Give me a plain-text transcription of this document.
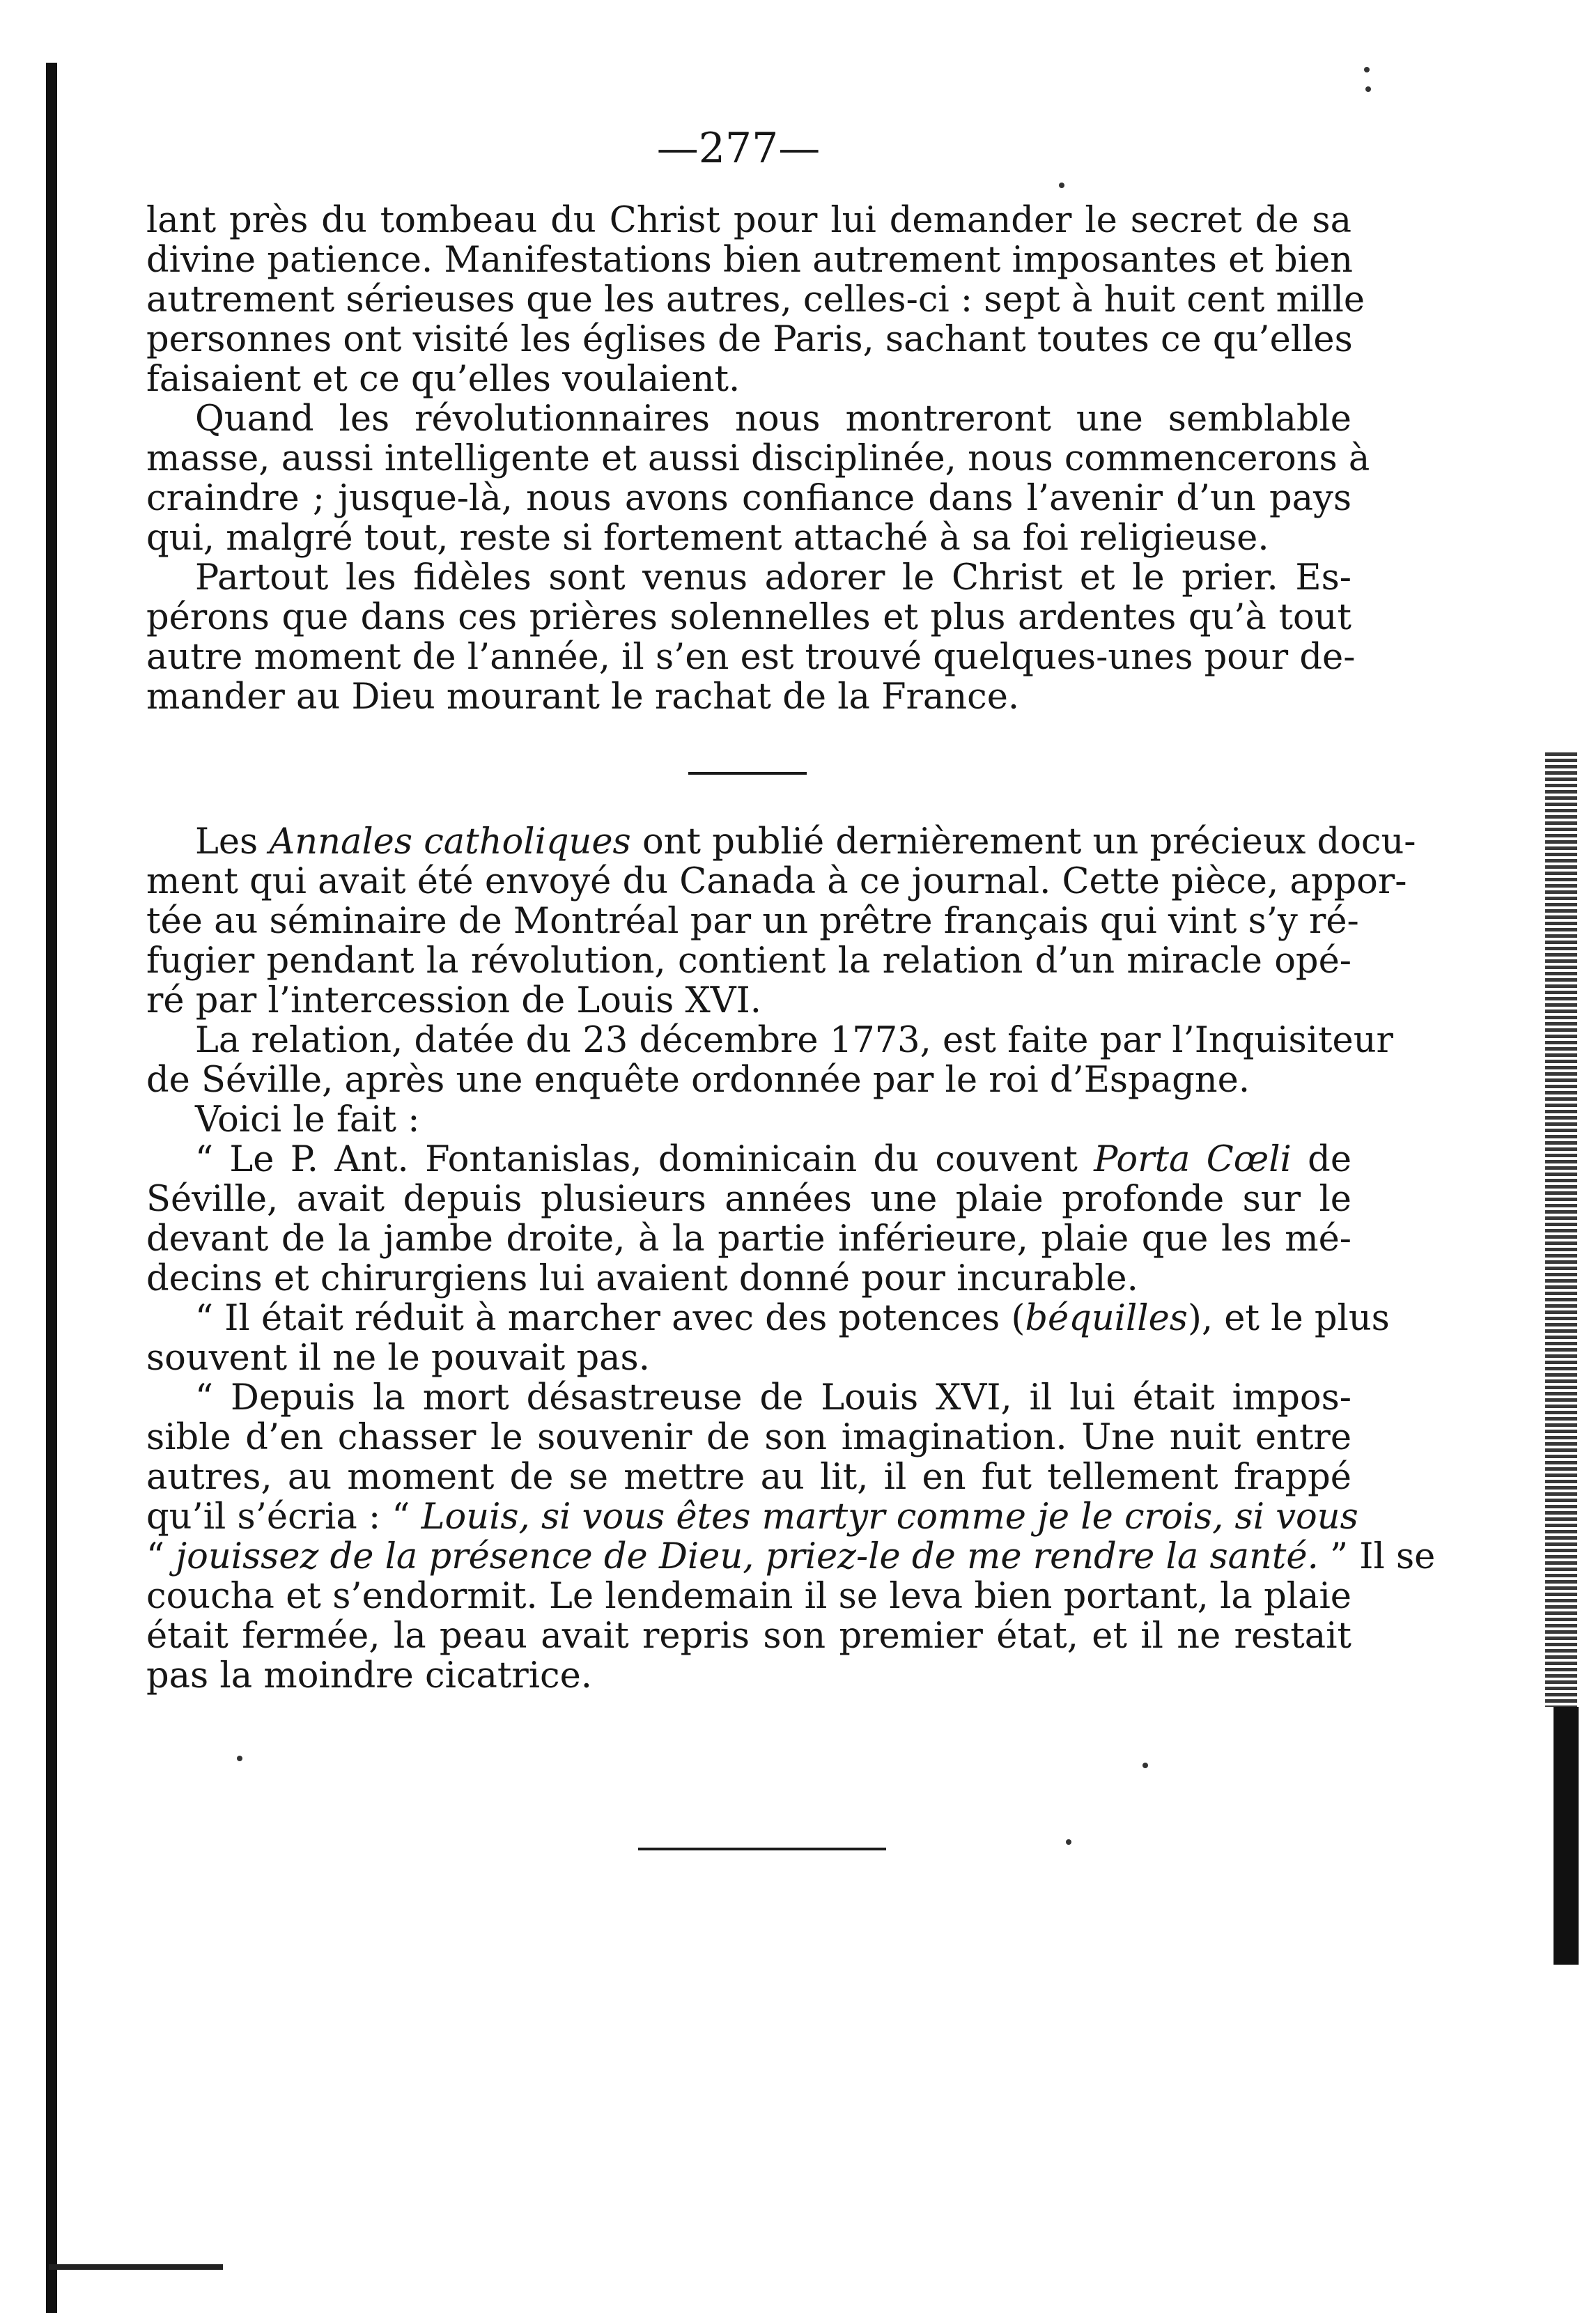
—277—
lant près du tombeau du Christ pour lui demander le secret de sa
divine patience. Manifestations bien autrement imposantes et bien
autrement sérieuses que les autres, celles-ci : sept à huit cent mille
personnes ont visité les églises de Paris, sachant toutes ce qu’elles
faisaient et ce qu’elles voulaient.
Quand les révolutionnaires nous montreront une semblable
masse, aussi intelligente et aussi disciplinée, nous commencerons à
craindre ; jusque-là, nous avons confiance dans l’avenir d’un pays
qui, malgré tout, reste si fortement attaché à sa foi religieuse.
Partout les fidèles sont venus adorer le Christ et le prier. Es-
pérons que dans ces prières solennelles et plus ardentes qu’à tout
autre moment de l’année, il s’en est trouvé quelques-unes pour de-
mander au Dieu mourant le rachat de la France.
Les Annales catholiques ont publié dernièrement un précieux docu-
ment qui avait été envoyé du Canada à ce journal. Cette pièce, appor-
tée au séminaire de Montréal par un prêtre français qui vint s’y ré-
fugier pendant la révolution, contient la relation d’un miracle opé-
ré par l’intercession de Louis XVI.
La relation, datée du 23 décembre 1773, est faite par l’Inquisiteur
de Séville, après une enquête ordonnée par le roi d’Espagne.
Voici le fait :
“ Le P. Ant. Fontanislas, dominicain du couvent Porta Cœli de
Séville, avait depuis plusieurs années une plaie profonde sur le
devant de la jambe droite, à la partie inférieure, plaie que les mé-
decins et chirurgiens lui avaient donné pour incurable.
“ Il était réduit à marcher avec des potences (béquilles), et le plus
souvent il ne le pouvait pas.
“ Depuis la mort désastreuse de Louis XVI, il lui était impos-
sible d’en chasser le souvenir de son imagination. Une nuit entre
autres, au moment de se mettre au lit, il en fut tellement frappé
qu’il s’écria : “ Louis, si vous êtes martyr comme je le crois, si vous
“ jouissez de la présence de Dieu, priez-le de me rendre la santé. ” Il se
coucha et s’endormit. Le lendemain il se leva bien portant, la plaie
était fermée, la peau avait repris son premier état, et il ne restait
pas la moindre cicatrice.
